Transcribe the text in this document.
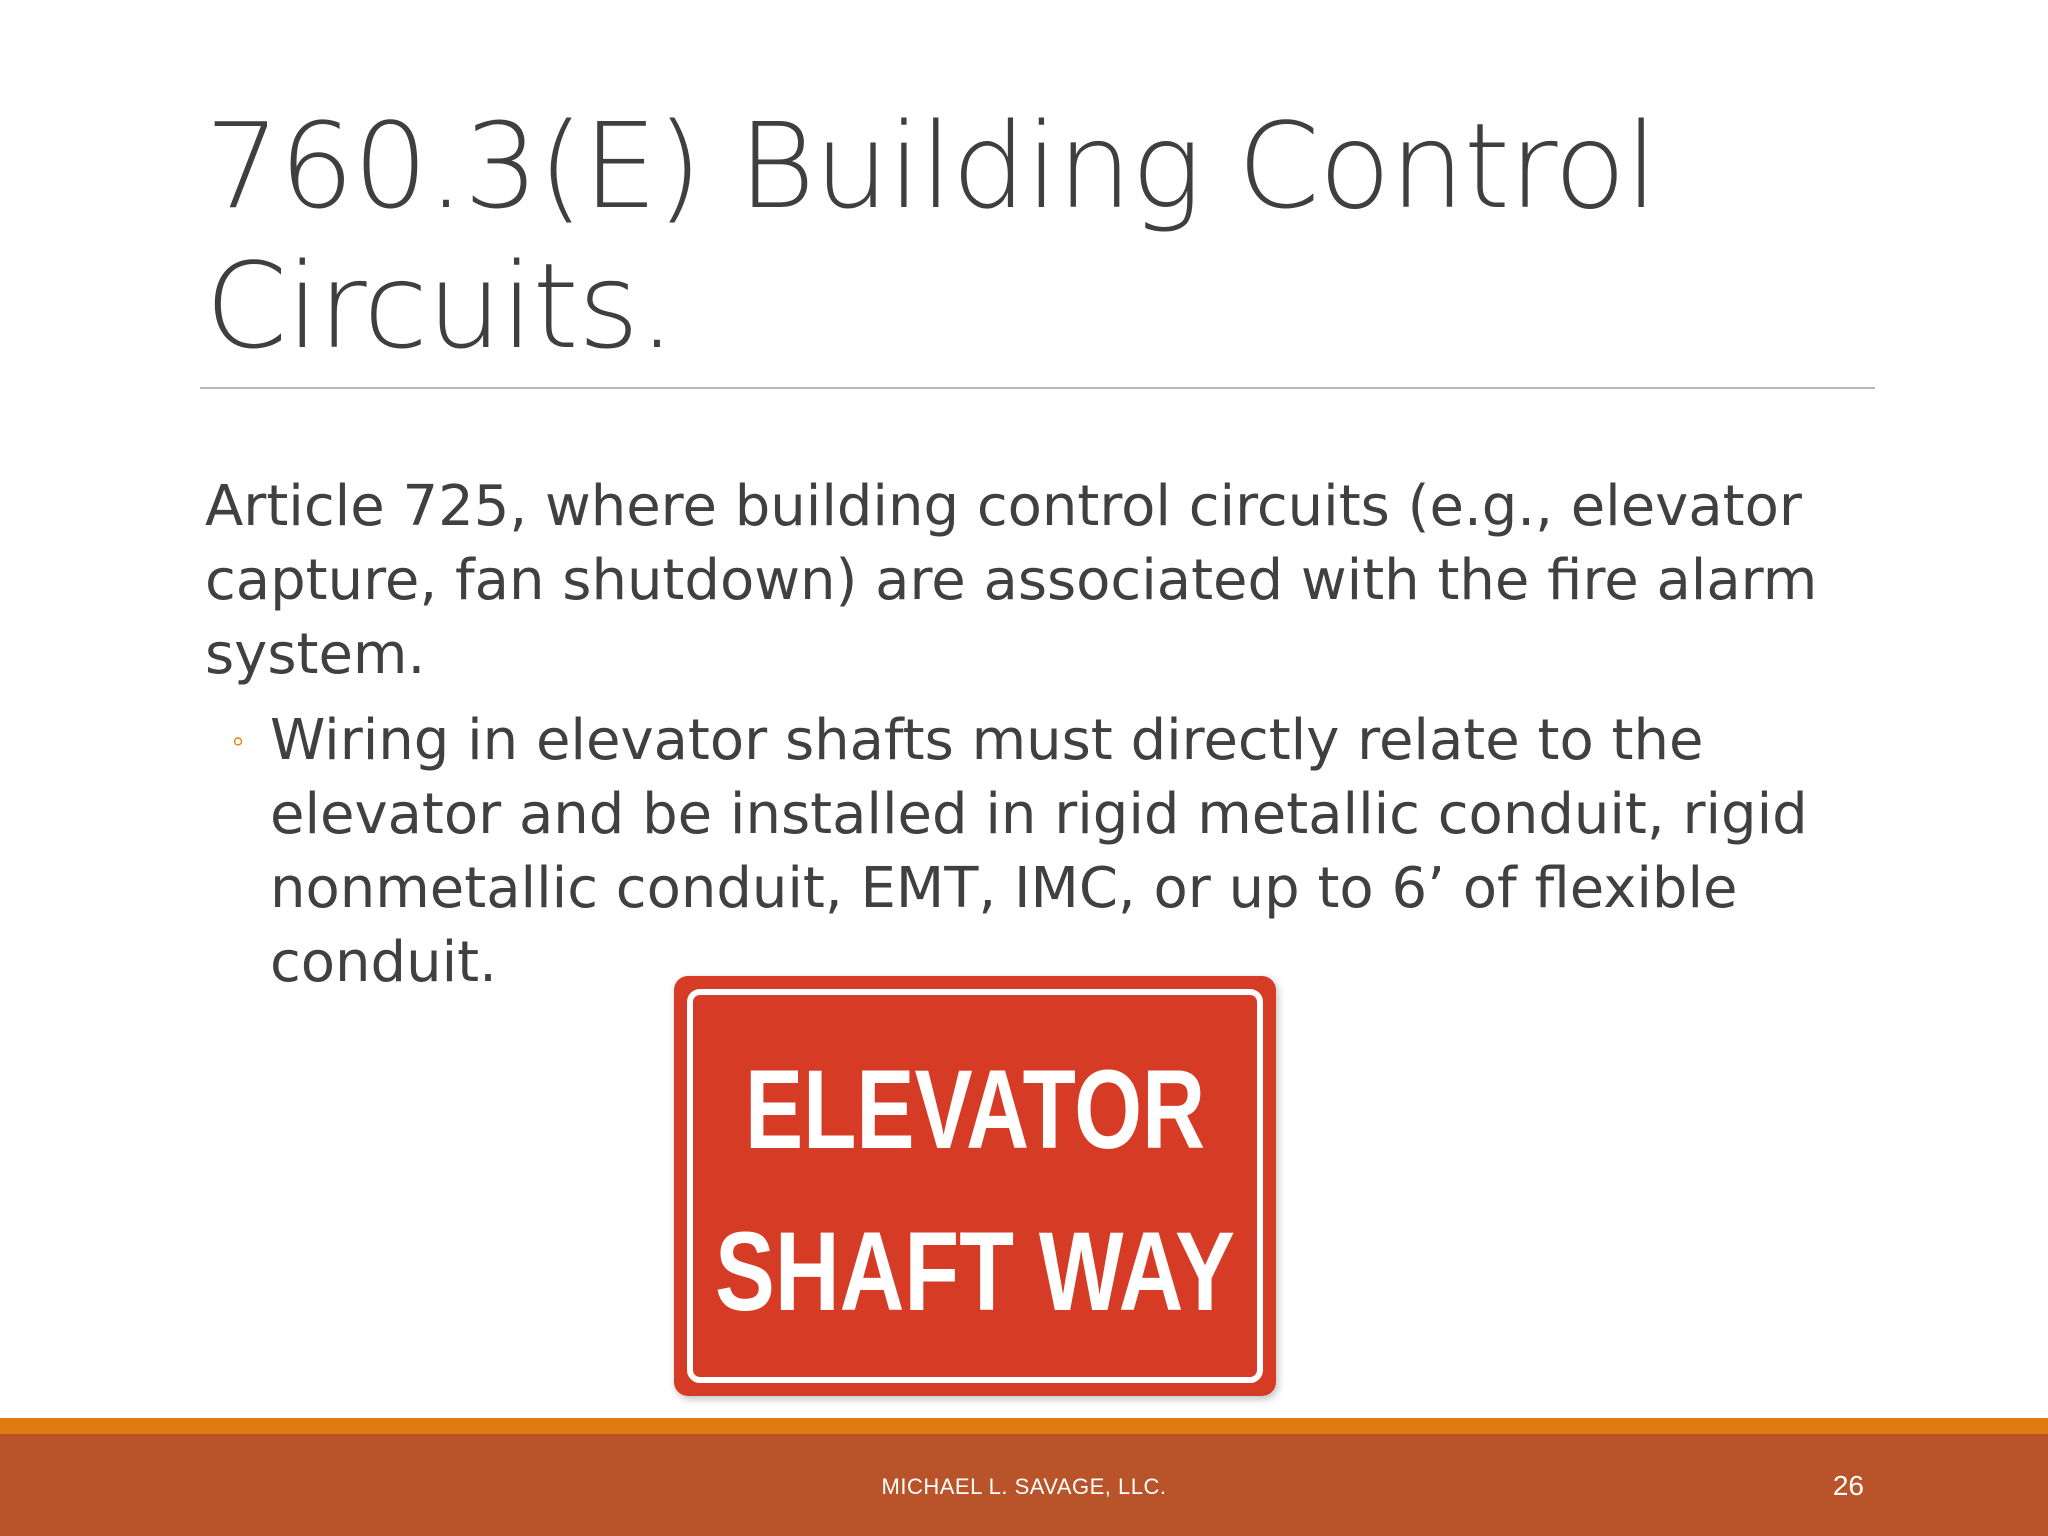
760.3(E) Building Control Circuits.
Article 725, where building control circuits (e.g., elevator capture, fan shutdown) are associated with the fire alarm system.
◦ Wiring in elevator shafts must directly relate to the elevator and be installed in rigid metallic conduit, rigid nonmetallic conduit, EMT, IMC, or up to 6’ of flexible conduit.
ELEVATOR
SHAFT WAY
MICHAEL L. SAVAGE, LLC.	26
